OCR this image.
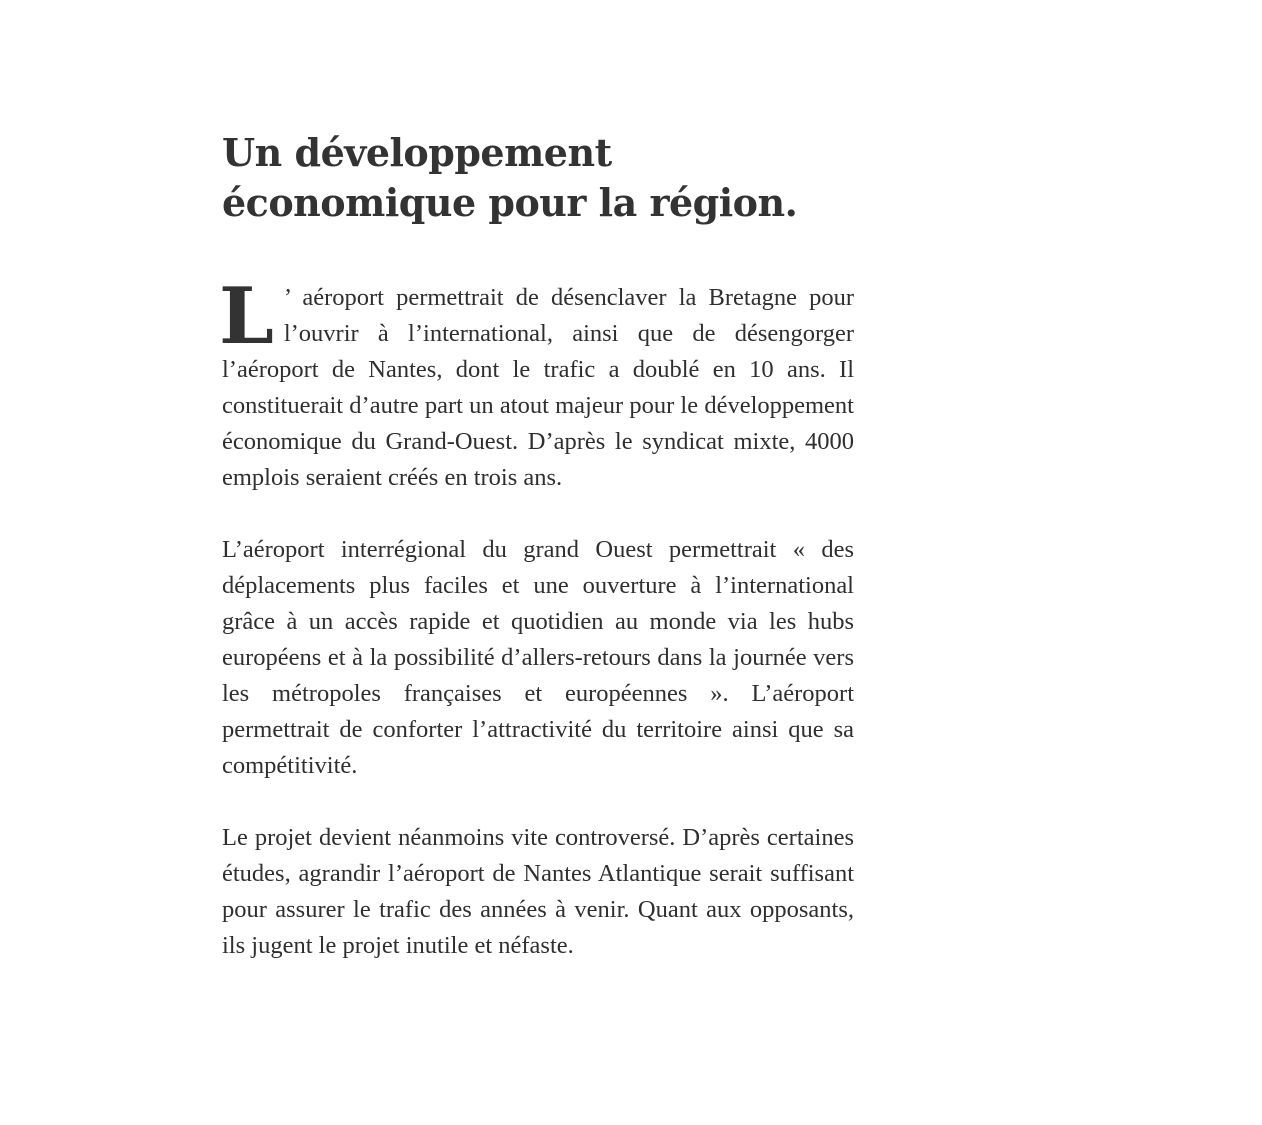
Un développement économique pour la région.

L ’ aéroport permettrait de désenclaver la Bretagne pour l’ouvrir à l’international, ainsi que de désengorger l’aéroport de Nantes, dont le trafic a doublé en 10 ans. Il constituerait d’autre part un atout majeur pour le développement économique du Grand-Ouest. D’après le syndicat mixte, 4000 emplois seraient créés en trois ans.

L’aéroport interrégional du grand Ouest permettrait « des déplacements plus faciles et une ouverture à l’international grâce à un accès rapide et quotidien au monde via les hubs européens et à la possibilité d’allers-retours dans la journée vers les métropoles françaises et européennes ». L’aéroport permettrait de conforter l’attractivité du territoire ainsi que sa compétitivité.

Le projet devient néanmoins vite controversé. D’après certaines études, agrandir l’aéroport de Nantes Atlantique serait suffisant pour assurer le trafic des années à venir. Quant aux opposants, ils jugent le projet inutile et néfaste.
